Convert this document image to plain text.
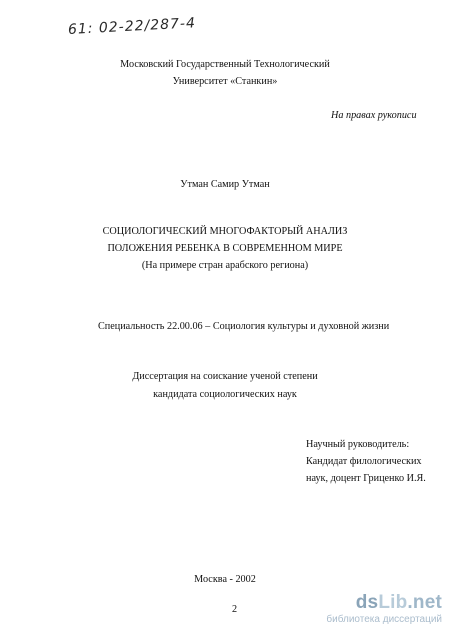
61: 02-22/287-4
Московский Государственный Технологический
Университет «Станкин»
На правах рукописи
Утман Самир Утман
СОЦИОЛОГИЧЕСКИЙ МНОГОФАКТОРЫЙ АНАЛИЗ
ПОЛОЖЕНИЯ РЕБЕНКА В СОВРЕМЕННОМ МИРЕ
(На примере стран арабского региона)
Специальность 22.00.06 – Социология культуры и духовной жизни
Диссертация на соискание ученой степени
кандидата социологических наук
Научный руководитель:
Кандидат филологических
наук, доцент Гриценко И.Я.
Москва - 2002
2	dsLib.net
библиотека диссертаций
